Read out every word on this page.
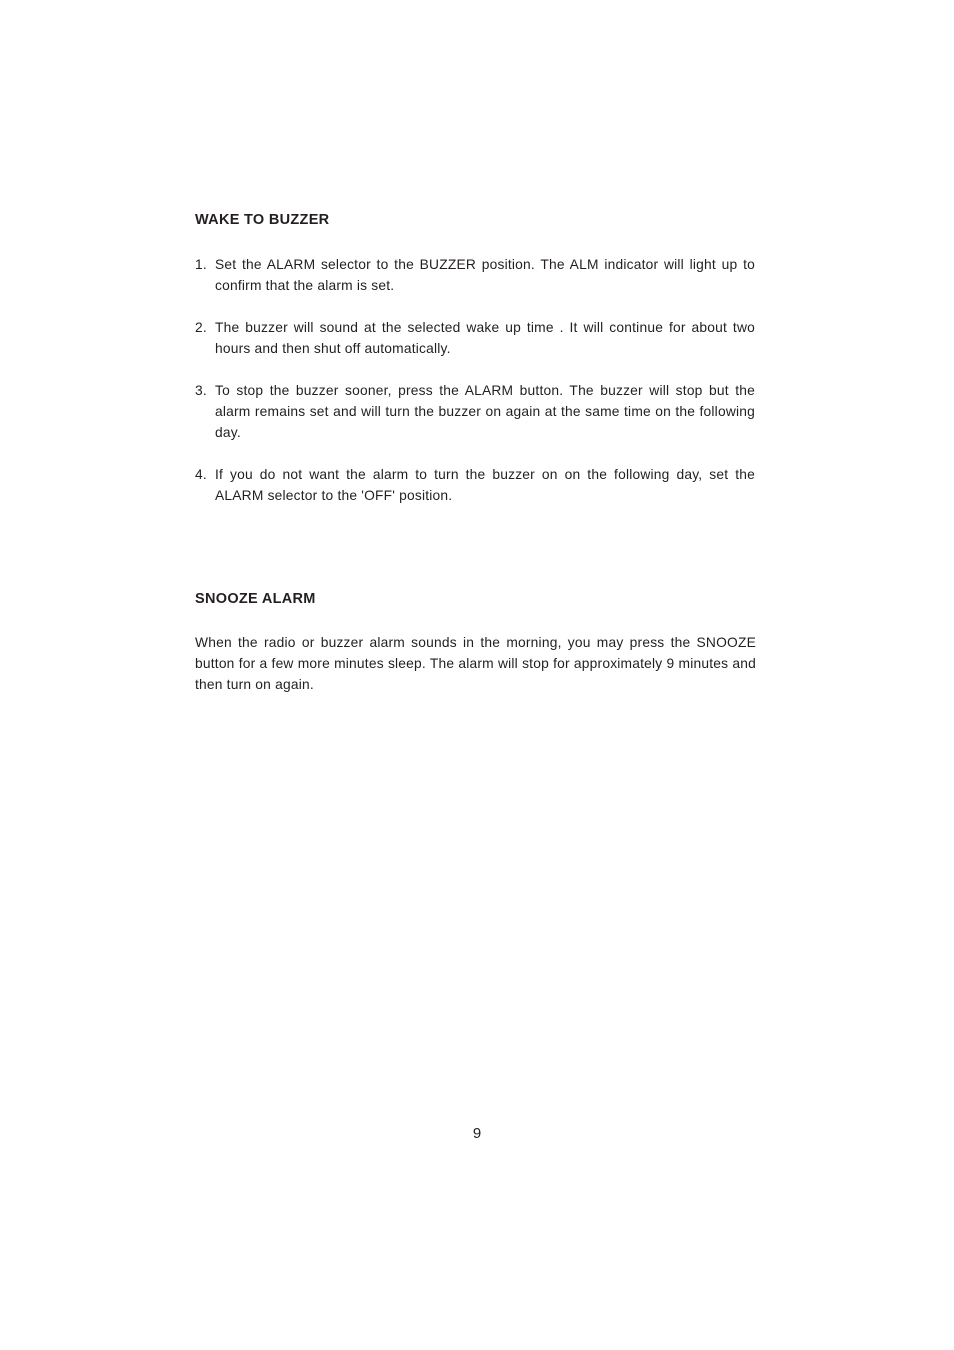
WAKE TO BUZZER
1. Set the ALARM selector to the BUZZER position. The ALM indicator will light up to confirm that the alarm is set.
2. The buzzer will sound at the selected wake up time . It will continue for about two hours and then shut off automatically.
3. To stop the buzzer sooner, press the ALARM button. The buzzer will stop but the alarm remains set and will turn the buzzer on again at the same time on the following day.
4. If you do not want the alarm to turn the buzzer on on the following day, set the ALARM selector to the 'OFF' position.
SNOOZE ALARM

When the radio or buzzer alarm sounds in the morning, you may press the SNOOZE button for a few more minutes sleep. The alarm will stop for approximately 9 minutes and then turn on again.

9
